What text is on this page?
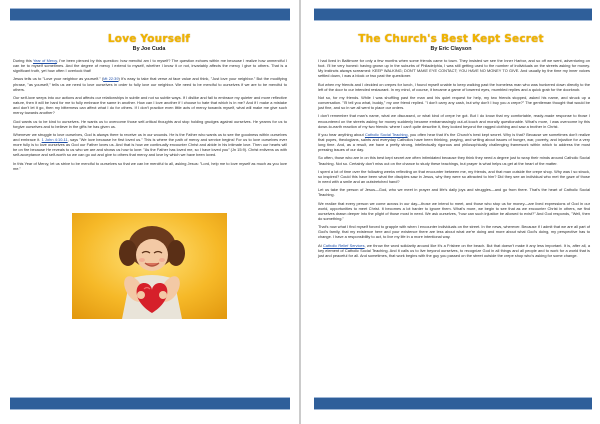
Love Yourself
By Joe Cuda

During this Year of Mercy, I've been pierced by this question: how merciful am I to myself? The question echoes within me because I realize how unmerciful I can be to myself sometimes. And the degree of mercy I extend to myself, whether I know it or not, invariably affects the mercy I give to others. That is a significant truth, yet how often I overlook that!

Jesus tells us to "Love your neighbor as yourself." (Mt 22:39) It's easy to take that verse at face value and think, "Just love your neighbor." But the modifying phrase, "as yourself," tells us we need to love ourselves in order to fully love our neighbor. We need to be merciful to ourselves if we are to be merciful to others.

Our self-love seeps into our actions and affects our relationships in subtle and not so subtle ways. If I dislike and fail to embrace my quieter and more reflective nature, then it will be hard for me to fully embrace the same in another. How can I love another if I choose to hate that which is in me? And if I make a mistake and don't let it go, then my bitterness can affect what I do for others. If I don't practice even little acts of mercy towards myself, what will make me give such mercy towards another?

God wants us to be kind to ourselves. He wants us to overcome those self-critical thoughts and stop holding grudges against ourselves. He yearns for us to forgive ourselves and to believe in the gifts he has given us.

Whenever we struggle to love ourselves, God is always there to receive us in our wounds. He is the Father who wants us to see the goodness within ourselves and embrace it. 1 John 4:10-11, says "We love because he first loved us." This is where the path of mercy and service begins! For us to love ourselves ever more fully is to love ourselves as God our Father loves us. And that is how we continually encounter Christ and abide in his intimate love. Then our hearts will be on fire because He reveals to us who we are and shows us how to love: "As the Father has loved me, so I have loved you" (Jn 15:9). Christ enlivens us with self-acceptance and self-worth so we can go out and give to others that mercy and love by which we have been loved.

In this Year of Mercy, let us strive to be merciful to ourselves so that we can be merciful to all, asking Jesus: "Lord, help me to love myself as much as you love me."

The Church's Best Kept Secret
By Eric Clayson

I had lived in Baltimore for only a few months when some friends came to town. They insisted we see the Inner Harbor, and so off we went, adventuring on foot. I'll be very honest: having grown up in the suburbs of Philadelphia, I was still getting used to the number of individuals on the streets asking for money. My instincts always screamed: KEEP WALKING; DON'T MAKE EYE CONTACT; YOU HAVE NO MONEY TO GIVE. And usually by the time my inner voices settled down, I was a block or two past the questioner.

But when my friends and I decided on crepes for lunch, I found myself unable to keep walking past the homeless man who was hunkered down directly to the left of the door to our intended restaurant. In my mind, of course, it became a game of lowered eyes, mumbled replies and a quick grab for the doorknob.

Not so, for my friends. While I was shuffling past the man and his quiet request for help, my two friends stopped, asked his name, and struck up a conversation. "I'll tell you what, buddy," my one friend replied. "I don't carry any cash, but why don't I buy you a crepe?" The gentleman thought that would be just fine, and so in we all went to place our orders.

I don't remember that man's name, what we discussed, or what kind of crepe he got. But I do know that my comfortable, ready-made response to those I encountered on the streets asking for money suddenly became embarrassingly out-of-touch and morally questionable. What's more, I was overcome by this down-to-earth reaction of my two friends: where I can't quite describe it, they looked beyond the ragged clothing and saw a brother in Christ.

If you hear anything about Catholic Social Teaching, you often hear that it's the Church's best kept secret. Why is that? Because we sometimes don't realize that popes, theologians, saints and everyday Catholics have been thinking, praying, and writing about issues of hunger, war, poverty, and injustice for a very long time. And, as a result, we have a pretty strong, intellectually rigorous and philosophically challenging framework within which to address the most pressing issues of our day.

So often, those who are in on this best kept secret are often intimidated because they think they need a degree just to wrap their minds around Catholic Social Teaching. Not so. Certainly don't miss out on the chance to study these teachings, but prayer is what helps us get at the heart of the matter.

I spent a lot of time over the following weeks reflecting on that encounter between me, my friends, and that man outside the crepe shop. Why was I so struck, so inspired? Could this have been what the disciples saw in Jesus, why they were so attracted to him? Did they see an individual who met the gaze of those in need with a smile and an outstretched hand?

Let us take the person of Jesus—God, who we meet in prayer and life's daily joys and struggles—and go from there. That's the heart of Catholic Social Teaching.

We realize that every person we come across in our day—those we intend to meet, and those who stop us for money—are lived expressions of God in our world, opportunities to meet Christ. It becomes a lot harder to ignore them. What's more, we begin to see that as we encounter Christ in others, we find ourselves drawn deeper into the plight of those most in need. We ask ourselves, "how can such injustice be allowed to exist?" And God responds, "Well, then do something."

That's now what I find myself forced to grapple with when I encounter individuals on the street. In the news, wherever. Because if I admit that we are all part of God's family, that my existence here and your existence there are less about what we're doing and more about what God's doing, my perspective has to change. I have a responsibility to act, to live my life in a more intentional way.

At Catholic Relief Services, we throw the word solidarity around like it's a Frisbee on the beach. But that doesn't make it any less important. It is, after all, a key element of Catholic Social Teaching. And it calls us to live beyond ourselves, to recognize God in all things and all people and to work for a world that is just and peaceful for all. And sometimes, that work begins with the guy you passed on the street outside the crepe shop who's asking for some change.
